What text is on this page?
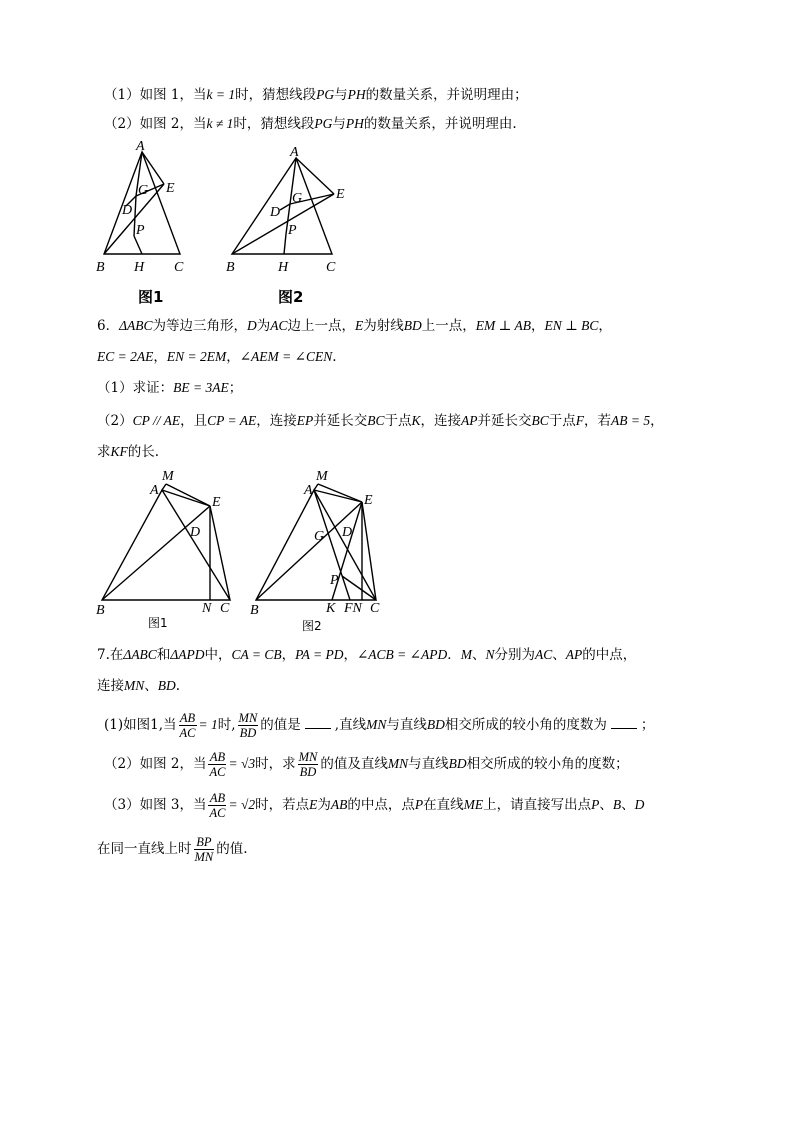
（1）如图 1，当k = 1时，猜想线段PG与PH的数量关系，并说明理由；
（2）如图 2，当k ≠ 1时，猜想线段PG与PH的数量关系，并说明理由.
A
G E
D
P
B H C
图1
A
G E
D
P
B	H	C
图2
6．ΔABC为等边三角形，D为AC边上一点，E为射线BD上一点，EM ⊥ AB，EN ⊥ BC，
EC = 2AE，EN = 2EM，∠AEM = ∠CEN.
（1）求证：BE = 3AE；
（2）CP // AE，且CP = AE，连接EP并延长交BC于点K，连接AP并延长交BC于点F，若AB = 5，
求KF的长.
M
A
E
D
B	N C
图1
M
A
E
G D
P
B	K FN C
图2
7.在ΔABC和ΔAPD中，CA = CB，PA = PD，∠ACB = ∠APD．M、N分别为AC、AP的中点，
连接MN、BD.
(1)如图1,当 $\frac{AB}{AC} = 1$时, $\frac{MN}{BD}$ 的值是	,直线MN与直线BD相交所成的较小角的度数为	；
（2）如图 2，当 $\frac{AB}{AC} = √3$时，求 $\frac{MN}{BD}$ 的值及直线MN与直线BD相交所成的较小角的度数；
（3）如图 3，当 $\frac{AB}{AC} = √2$时，若点E为AB的中点，点P在直线ME上，请直接写出点P、B、D
在同一直线上时 $\frac{BP}{MN}$ 的值.
